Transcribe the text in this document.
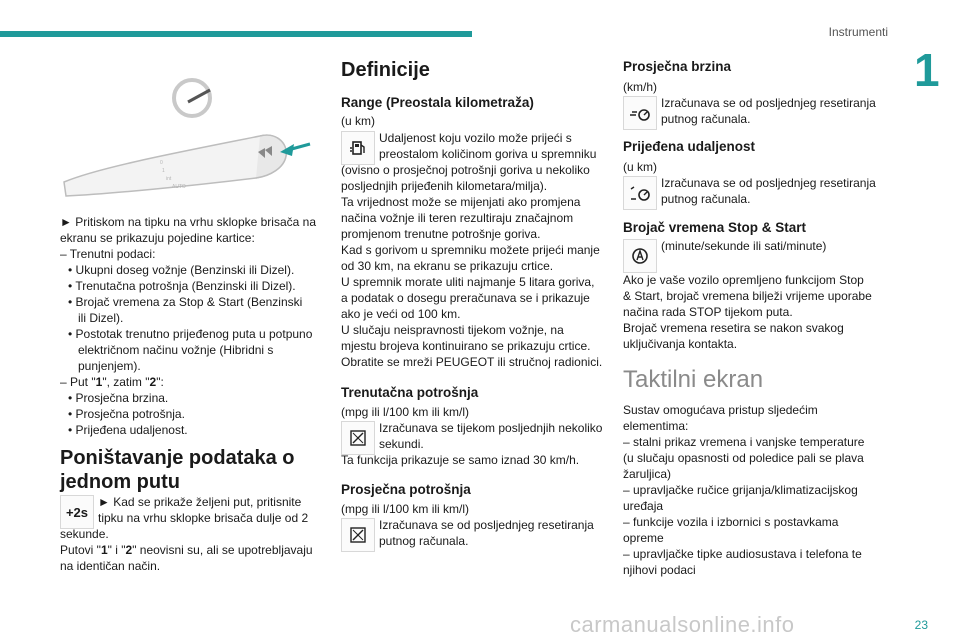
Instrumenti
1
0
1
int
AUTO
► Pritiskom na tipku na vrhu sklopke brisača na
ekranu se prikazuju pojedine kartice:
– Trenutni podaci:
• Ukupni doseg vožnje (Benzinski ili Dizel).
• Trenutačna potrošnja (Benzinski ili Dizel).
• Brojač vremena za Stop & Start (Benzinski
ili Dizel).
• Postotak trenutno prijeđenog puta u potpuno
električnom načinu vožnje (Hibridni s
punjenjem).
– Put "1", zatim "2":
• Prosječna brzina.
• Prosječna potrošnja.
• Prijeđena udaljenost.
Poništavanje podataka o
jednom putu
+2s
► Kad se prikaže željeni put, pritisnite
tipku na vrhu sklopke brisača dulje od 2
sekunde.
Putovi "1" i "2" neovisni su, ali se upotrebljavaju
na identičan način.
Definicije
Range (Preostala kilometraža)
(u km)
Udaljenost koju vozilo može prijeći s
preostalom količinom goriva u spremniku
(ovisno o prosječnoj potrošnji goriva u nekoliko
posljednjih prijeđenih kilometara/milja).
Ta vrijednost može se mijenjati ako promjena
načina vožnje ili teren rezultiraju značajnom
promjenom trenutne potrošnje goriva.
Kad s gorivom u spremniku možete prijeći manje
od 30 km, na ekranu se prikazuju crtice.
U spremnik morate uliti najmanje 5 litara goriva,
a podatak o dosegu preračunava se i prikazuje
ako je veći od 100 km.
U slučaju neispravnosti tijekom vožnje, na
mjestu brojeva kontinuirano se prikazuju crtice.
Obratite se mreži PEUGEOT ili stručnoj radionici.
Trenutačna potrošnja
(mpg ili l/100 km ili km/l)
Izračunava se tijekom posljednjih nekoliko
sekundi.
Ta funkcija prikazuje se samo iznad 30 km/h.
Prosječna potrošnja
(mpg ili l/100 km ili km/l)
Izračunava se od posljednjeg resetiranja
putnog računala.
Prosječna brzina
(km/h)
Izračunava se od posljednjeg resetiranja
putnog računala.
Prijeđena udaljenost
(u km)
Izračunava se od posljednjeg resetiranja
putnog računala.
Brojač vremena Stop & Start
(minute/sekunde ili sati/minute)
Ako je vaše vozilo opremljeno funkcijom Stop
& Start, brojač vremena bilježi vrijeme uporabe
načina rada STOP tijekom puta.
Brojač vremena resetira se nakon svakog
uključivanja kontakta.
Taktilni ekran
Sustav omogućava pristup sljedećim
elementima:
– stalni prikaz vremena i vanjske temperature
(u slučaju opasnosti od poledice pali se plava
žaruljica)
– upravljačke ručice grijanja/klimatizacijskog
uređaja
– funkcije vozila i izbornici s postavkama
opreme
– upravljačke tipke audiosustava i telefona te
njihovi podaci
carmanualsonline.info	23
